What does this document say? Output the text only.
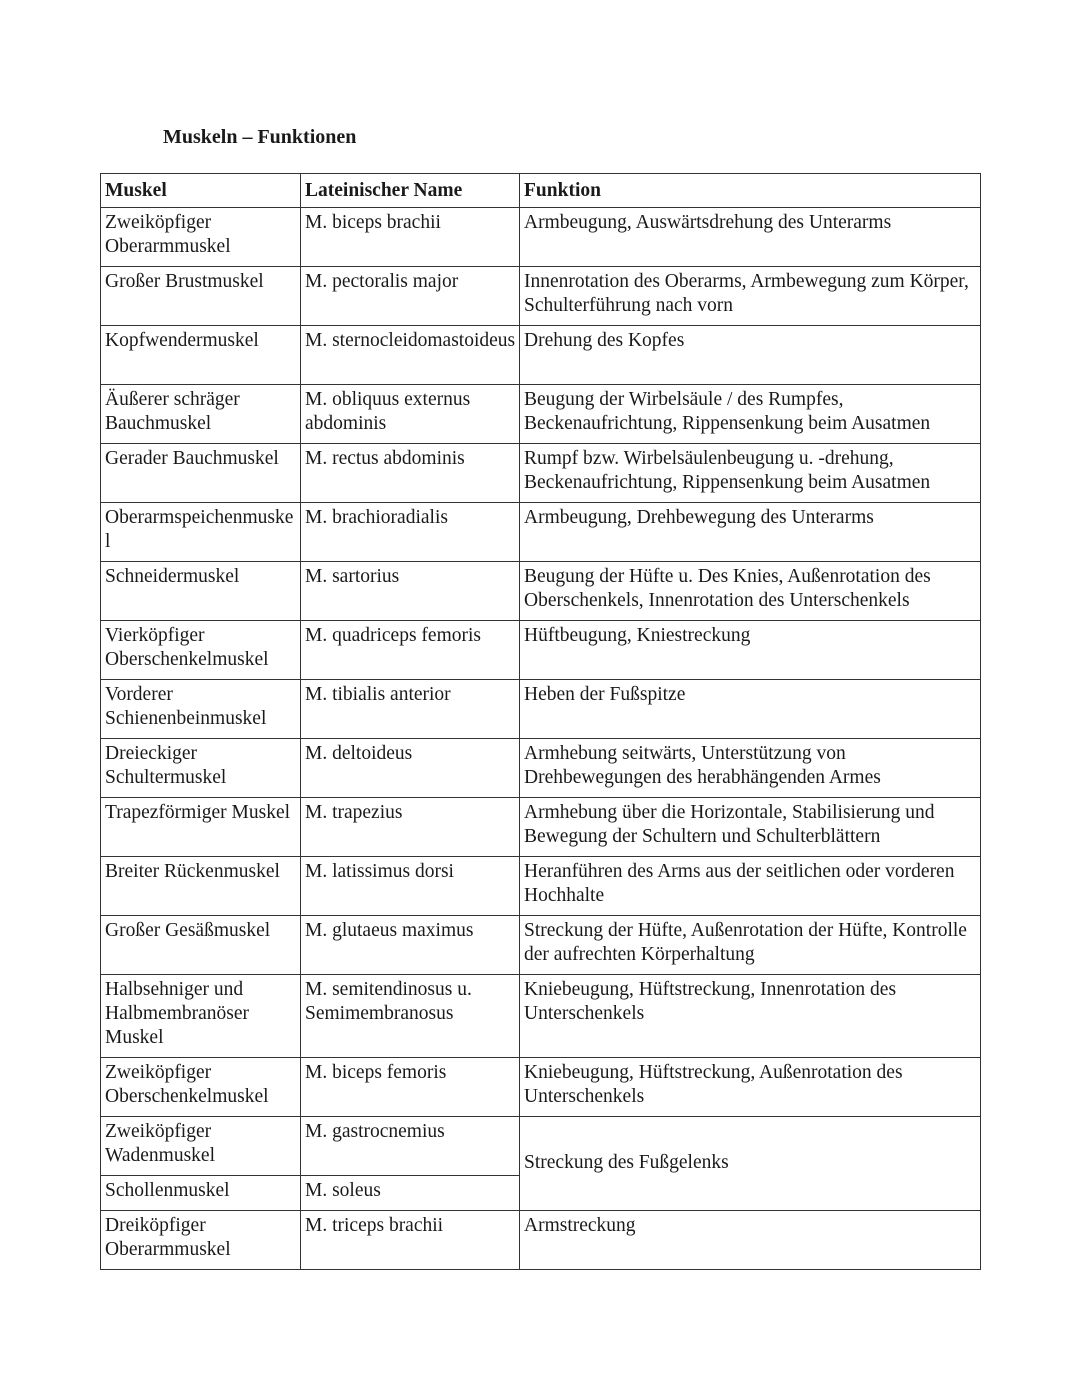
Muskeln – Funktionen
Muskel	Lateinischer Name	Funktion
Zweiköpfiger Oberarmmuskel	M. biceps brachii	Armbeugung, Auswärtsdrehung des Unterarms
Großer Brustmuskel	M. pectoralis major	Innenrotation des Oberarms, Armbewegung zum Körper, Schulterführung nach vorn
Kopfwendermuskel	M. sternocleidomastoideus	Drehung des Kopfes
Äußerer schräger Bauchmuskel	M. obliquus externus abdominis	Beugung der Wirbelsäule / des Rumpfes, Beckenaufrichtung, Rippensenkung beim Ausatmen
Gerader Bauchmuskel	M. rectus abdominis	Rumpf bzw. Wirbelsäulenbeugung u. -drehung, Beckenaufrichtung, Rippensenkung beim Ausatmen
Oberarmspeichenmuskel	M. brachioradialis	Armbeugung, Drehbewegung des Unterarms
Schneidermuskel	M. sartorius	Beugung der Hüfte u. Des Knies, Außenrotation des Oberschenkels, Innenrotation des Unterschenkels
Vierköpfiger Oberschenkelmuskel	M. quadriceps femoris	Hüftbeugung, Kniestreckung
Vorderer Schienenbeinmuskel	M. tibialis anterior	Heben der Fußspitze
Dreieckiger Schultermuskel	M. deltoideus	Armhebung seitwärts, Unterstützung von Drehbewegungen des herabhängenden Armes
Trapezförmiger Muskel	M. trapezius	Armhebung über die Horizontale, Stabilisierung und Bewegung der Schultern und Schulterblättern
Breiter Rückenmuskel	M. latissimus dorsi	Heranführen des Arms aus der seitlichen oder vorderen Hochhalte
Großer Gesäßmuskel	M. glutaeus maximus	Streckung der Hüfte, Außenrotation der Hüfte, Kontrolle der aufrechten Körperhaltung
Halbsehniger und Halbmembranöser Muskel	M. semitendinosus u. Semimembranosus	Kniebeugung, Hüftstreckung, Innenrotation des Unterschenkels
Zweiköpfiger Oberschenkelmuskel	M. biceps femoris	Kniebeugung, Hüftstreckung, Außenrotation des Unterschenkels
Zweiköpfiger Wadenmuskel	M. gastrocnemius	Streckung des Fußgelenks
Schollenmuskel	M. soleus	
Dreiköpfiger Oberarmmuskel	M. triceps brachii	Armstreckung
